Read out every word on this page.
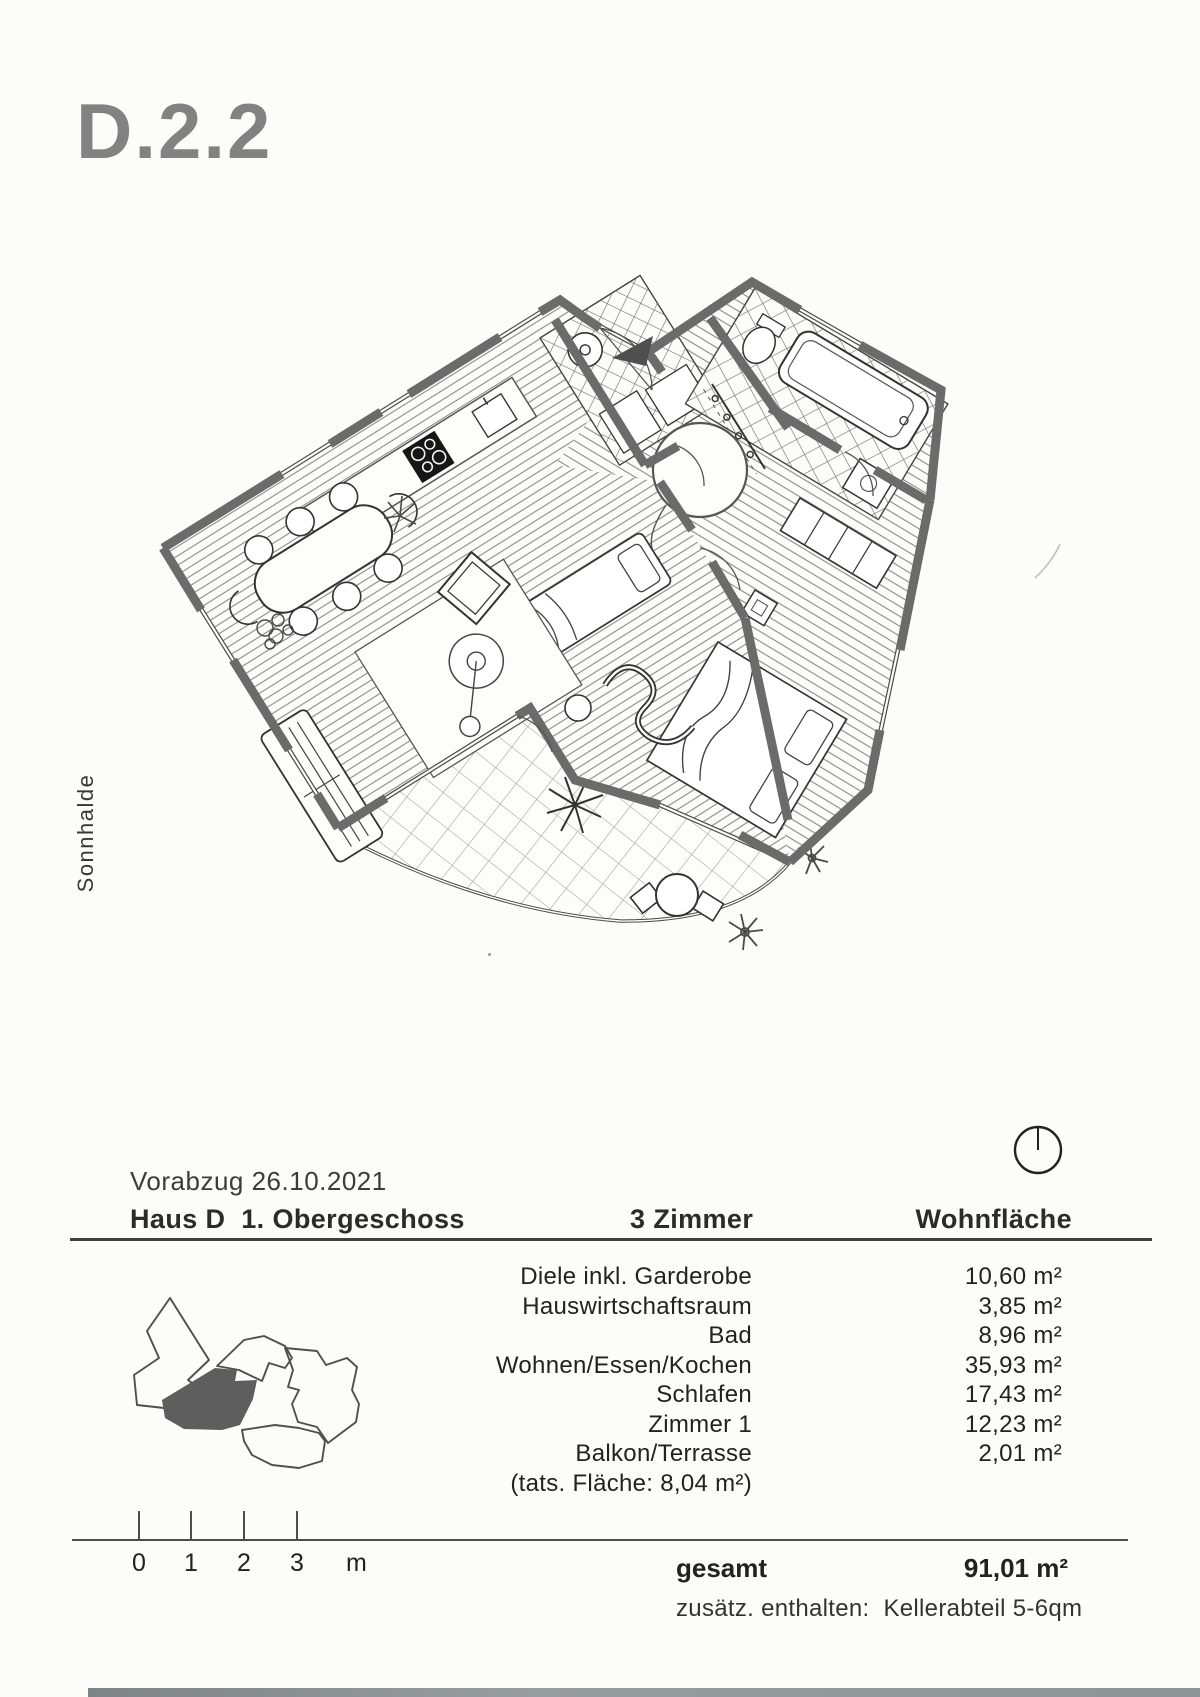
D.2.2
Sonnhalde
Vorabzug 26.10.2021
Haus D  1. Obergeschoss	3 Zimmer	Wohnfläche
Diele inkl. Garderobe	10,60 m²
Hauswirtschaftsraum	3,85 m²
Bad	8,96 m²
Wohnen/Essen/Kochen	35,93 m²
Schlafen	17,43 m²
Zimmer 1	12,23 m²
Balkon/Terrasse	2,01 m²
(tats. Fläche: 8,04 m²)
0	1	2	3	m	gesamt	91,01 m²
zusätz. enthalten:  Kellerabteil 5-6qm
